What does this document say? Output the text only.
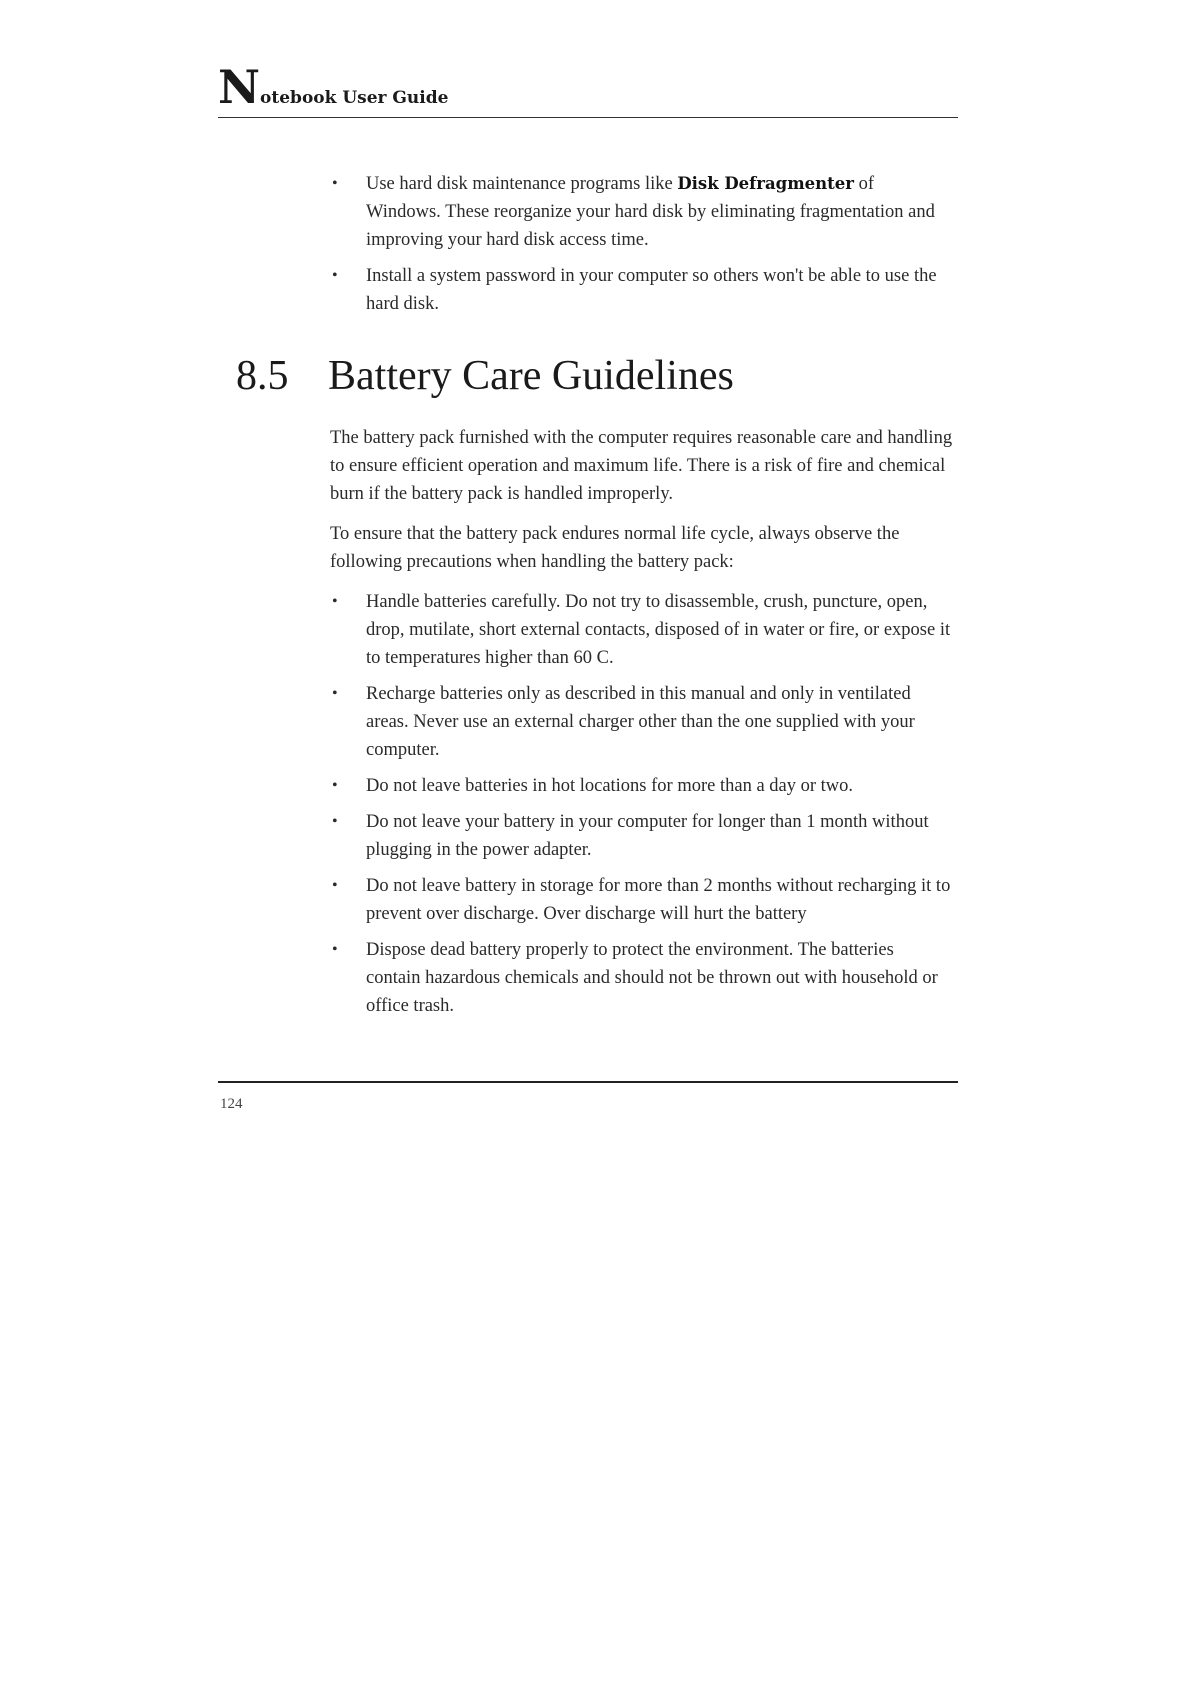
Notebook User Guide
•	Use hard disk maintenance programs like Disk Defragmenter of Windows. These reorganize your hard disk by eliminating fragmentation and improving your hard disk access time.
•	Install a system password in your computer so others won't be able to use the hard disk.
8.5 Battery Care Guidelines

The battery pack furnished with the computer requires reasonable care and handling to ensure efficient operation and maximum life. There is a risk of fire and chemical burn if the battery pack is handled improperly.

To ensure that the battery pack endures normal life cycle, always observe the following precautions when handling the battery pack:

•	Handle batteries carefully. Do not try to disassemble, crush, puncture, open, drop, mutilate, short external contacts, disposed of in water or fire, or expose it to temperatures higher than 60 C.
•	Recharge batteries only as described in this manual and only in ventilated areas. Never use an external charger other than the one supplied with your computer.
•	Do not leave batteries in hot locations for more than a day or two.
•	Do not leave your battery in your computer for longer than 1 month without plugging in the power adapter.
•	Do not leave battery in storage for more than 2 months without recharging it to prevent over discharge. Over discharge will hurt the battery
•	Dispose dead battery properly to protect the environment. The batteries contain hazardous chemicals and should not be thrown out with household or office trash.
124
